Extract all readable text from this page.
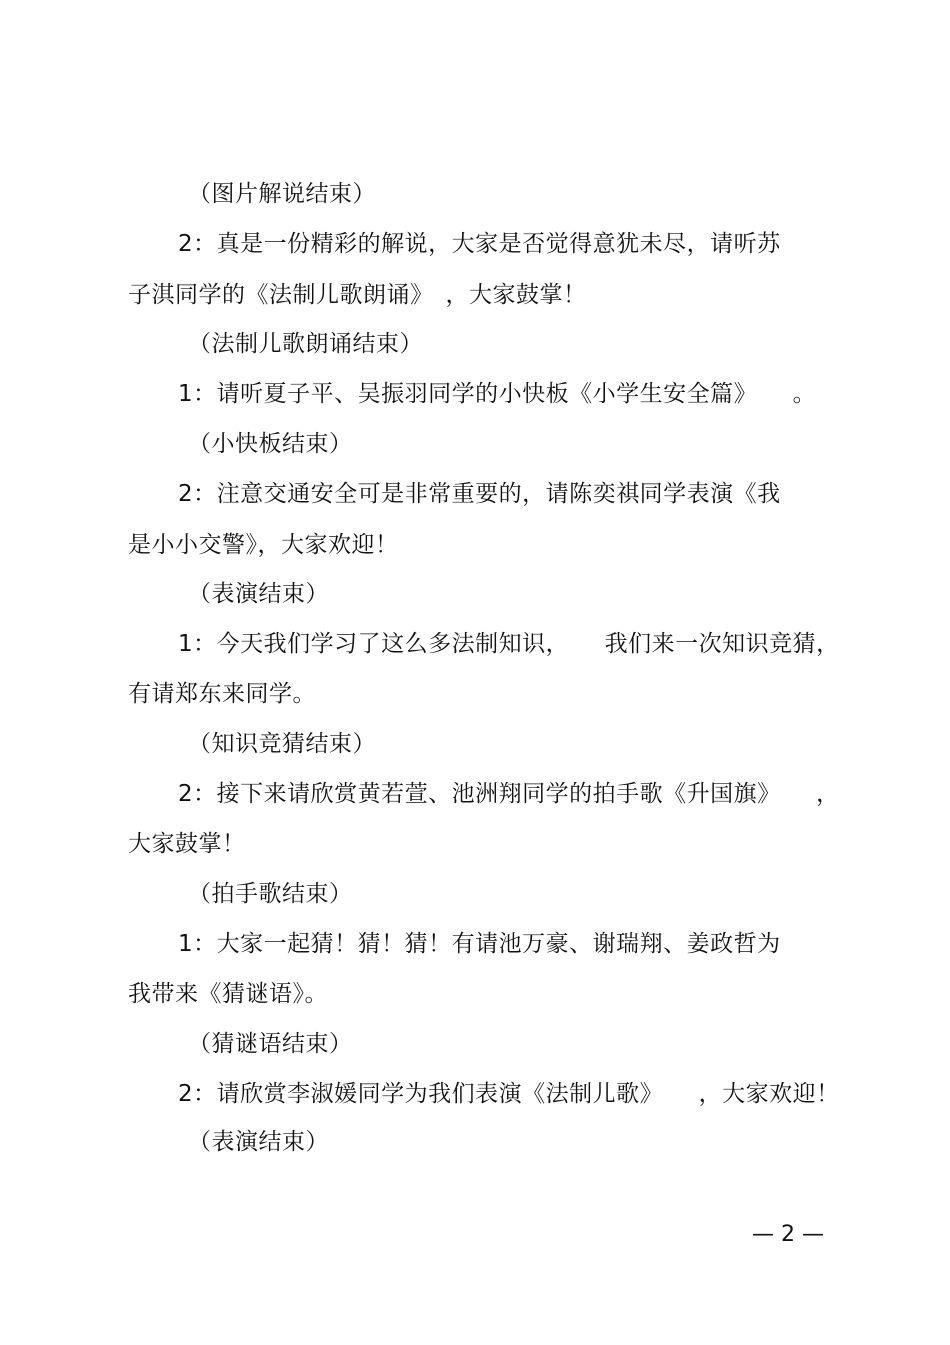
（图片解说结束）
2：真是一份精彩的解说，大家是否觉得意犹未尽，请听苏
子淇同学的《法制儿歌朗诵》　，大家鼓掌！
（法制儿歌朗诵结束）
1：请听夏子平、吴振羽同学的小快板《小学生安全篇》　　。
（小快板结束）
2：注意交通安全可是非常重要的，请陈奕祺同学表演《我
是小小交警》，大家欢迎！
（表演结束）
1：今天我们学习了这么多法制知识，　　我们来一次知识竞猜，
有请郑东来同学。
（知识竞猜结束）
2：接下来请欣赏黄若萱、池洲翔同学的拍手歌《升国旗》　　，
大家鼓掌！
（拍手歌结束）
1：大家一起猜！猜！猜！有请池万豪、谢瑞翔、姜政哲为
我带来《猜谜语》。
（猜谜语结束）
2：请欣赏李淑媛同学为我们表演《法制儿歌》　　，大家欢迎！
（表演结束）
— 2 —
